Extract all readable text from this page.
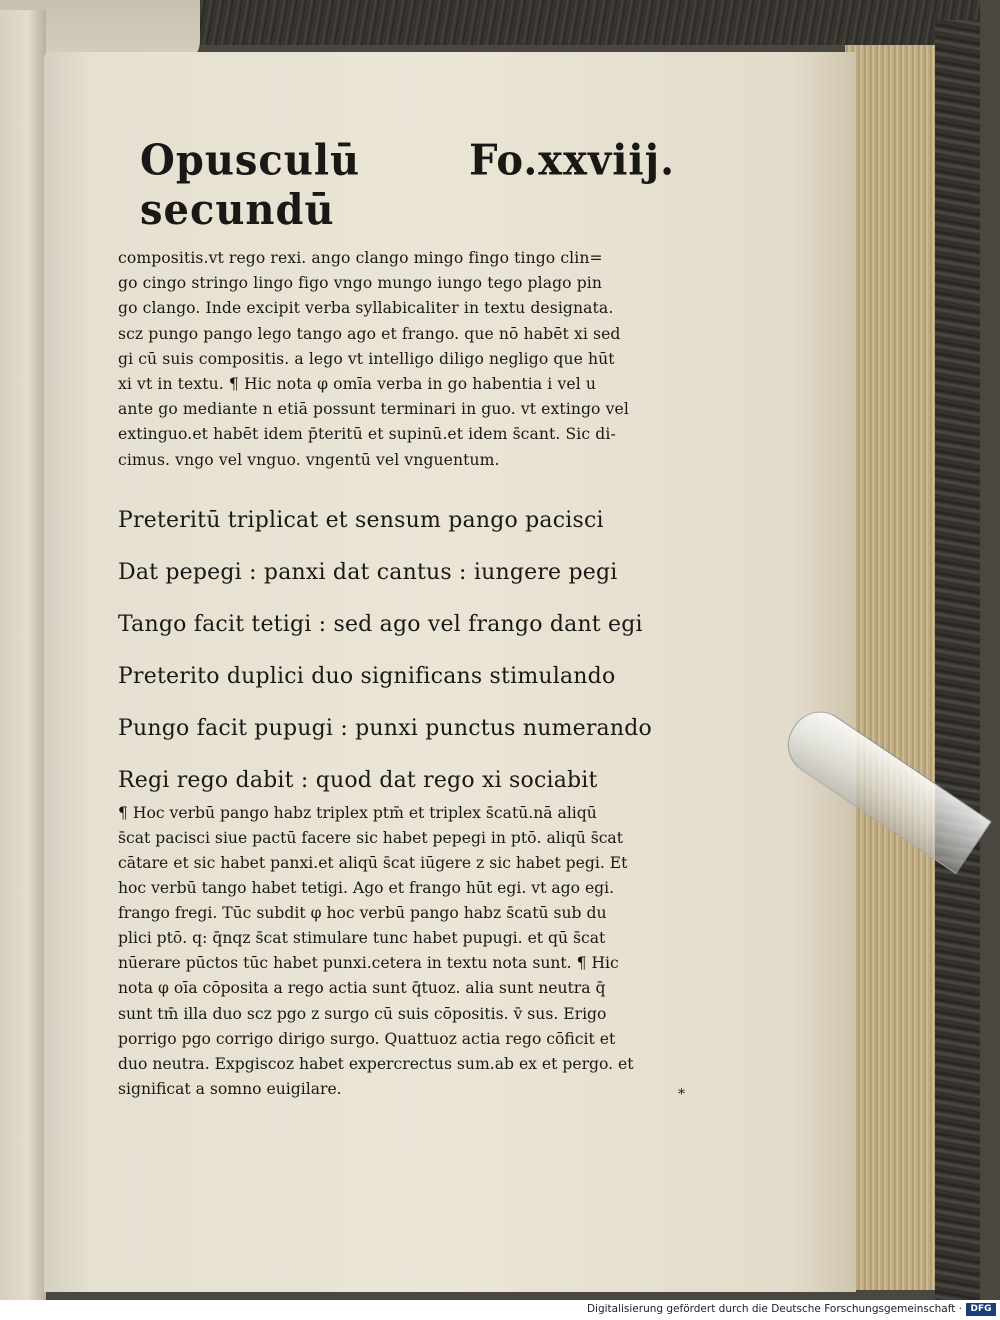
Opusculū secundū
Fo.xxviij.
compositis.vt rego rexi. ango clango mingo fingo tingo clin=
go cingo stringo lingo figo vngo mungo iungo tego plago pin
go clango. Inde excipit verba syllabicaliter in textu designata.
scz pungo pango lego tango ago et frango. que nō habēt xi sed
gi cū suis compositis. a lego vt intelligo diligo negligo que hūt
xi vt in textu. ¶ Hic nota φ omīa verba in go habentia i vel u
ante go mediante n etiā possunt terminari in guo. vt extingo vel
extinguo.et habēt idem p̄teritū et supinū.et idem s̄cant. Sic di-
cimus. vngo vel vnguo. vngentū vel vnguentum.
Preteritū triplicat et sensum pango pacisci
Dat pepegi : panxi dat cantus : iungere pegi
Tango facit tetigi : sed ago vel frango dant egi
Preterito duplici duo significans stimulando
Pungo facit pupugi : punxi punctus numerando
Regi rego dabit : quod dat rego xi sociabit
¶ Hoc verbū pango habz triplex ptm̄ et triplex s̄catū.nā aliqū
s̄cat pacisci siue pactū facere sic habet pepegi in ptō. aliqū s̄cat
cātare et sic habet panxi.et aliqū s̄cat iūgere z sic habet pegi. Et
hoc verbū tango habet tetigi. Ago et frango hūt egi. vt ago egi.
frango fregi. Tūc subdit φ hoc verbū pango habz s̄catū sub du
plici ptō. q: q̄nqz s̄cat stimulare tunc habet pupugi. et qū s̄cat
nūerare pūctos tūc habet punxi.cetera in textu nota sunt. ¶ Hic
nota φ oīa cōposita a rego actia sunt q̄tuoz. alia sunt neutra q̄
sunt tm̄ illa duo scz pgo z surgo cū suis cōpositis. v̄ sus. Erigo
porrigo pgo corrigo dirigo surgo. Quattuoz actia rego cōficit et
duo neutra. Expgiscoz habet expercrectus sum.ab ex et pergo. et
significat a somno euigilare.	⁎
Digitalisierung gefördert durch die Deutsche Forschungsgemeinschaft · DFG
